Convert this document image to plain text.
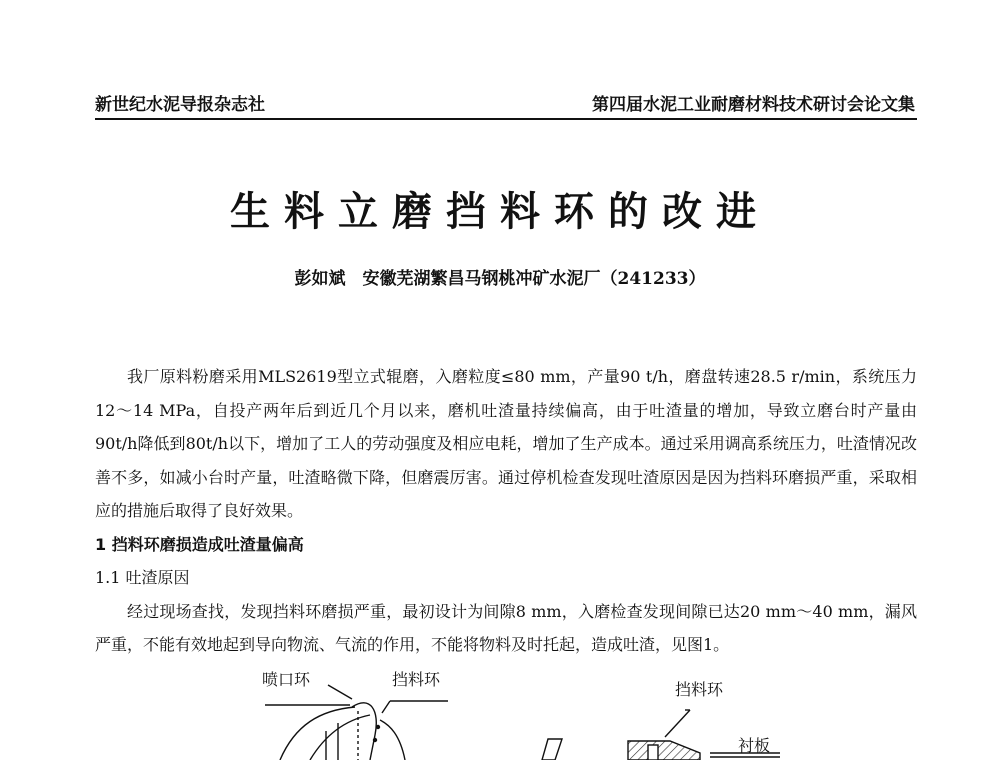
新世纪水泥导报杂志社	第四届水泥工业耐磨材料技术研讨会论文集
生料立磨挡料环的改进
彭如斌　安徽芜湖繁昌马钢桃冲矿水泥厂（241233）

我厂原料粉磨采用MLS2619型立式辊磨，入磨粒度≤80 mm，产量90 t/h，磨盘转速28.5 r/min，系统压力12～14 MPa，自投产两年后到近几个月以来，磨机吐渣量持续偏高，由于吐渣量的增加，导致立磨台时产量由90t/h降低到80t/h以下，增加了工人的劳动强度及相应电耗，增加了生产成本。通过采用调高系统压力，吐渣情况改善不多，如减小台时产量，吐渣略微下降，但磨震厉害。通过停机检查发现吐渣原因是因为挡料环磨损严重，采取相应的措施后取得了良好效果。

1 挡料环磨损造成吐渣量偏高

1.1 吐渣原因

经过现场查找，发现挡料环磨损严重，最初设计为间隙8 mm，入磨检查发现间隙已达20 mm～40 mm，漏风严重，不能有效地起到导向物流、气流的作用，不能将物料及时托起，造成吐渣，见图1。

喷口环	挡料环
挡料环
衬板
